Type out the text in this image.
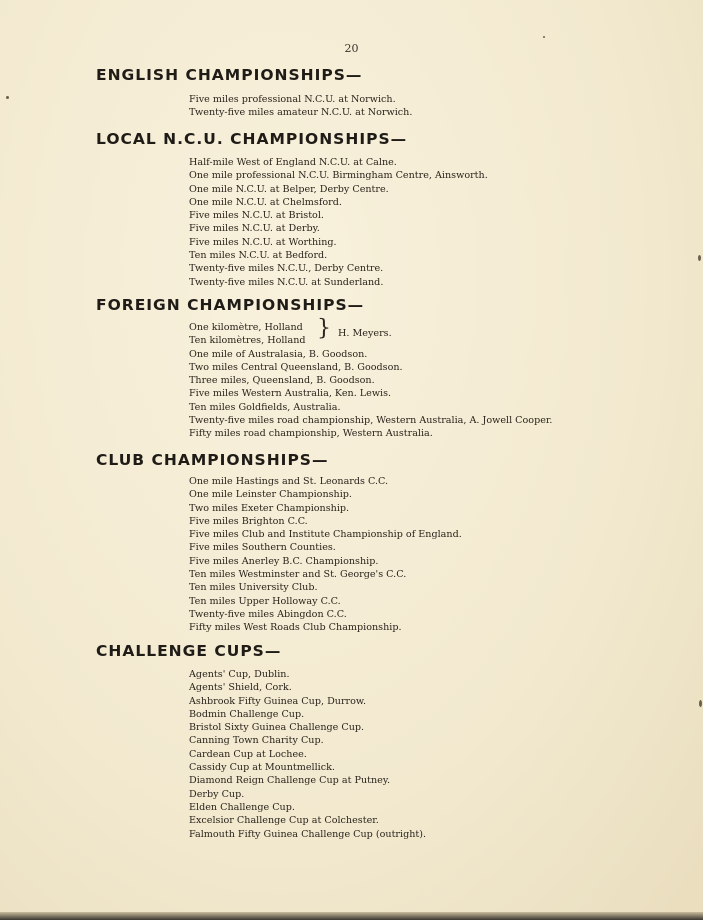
20
ENGLISH CHAMPIONSHIPS—
Five miles professional N.C.U. at Norwich.
Twenty-five miles amateur N.C.U. at Norwich.
LOCAL N.C.U. CHAMPIONSHIPS—
Half-mile West of England N.C.U. at Calne.
One mile professional N.C.U. Birmingham Centre, Ainsworth.
One mile N.C.U. at Belper, Derby Centre.
One mile N.C.U. at Chelmsford.
Five miles N.C.U. at Bristol.
Five miles N.C.U. at Derby.
Five miles N.C.U. at Worthing.
Ten miles N.C.U. at Bedford.
Twenty-five miles N.C.U., Derby Centre.
Twenty-five miles N.C.U. at Sunderland.
FOREIGN CHAMPIONSHIPS—
One kilomètre, Holland
Ten kilomètres, Holland
One mile of Australasia, B. Goodson.
Two miles Central Queensland, B. Goodson.
Three miles, Queensland, B. Goodson.
Five miles Western Australia, Ken. Lewis.
Ten miles Goldfields, Australia.
Twenty-five miles road championship, Western Australia, A. Jowell Cooper.
Fifty miles road championship, Western Australia.
} H. Meyers.
CLUB CHAMPIONSHIPS—
One mile Hastings and St. Leonards C.C.
One mile Leinster Championship.
Two miles Exeter Championship.
Five miles Brighton C.C.
Five miles Club and Institute Championship of England.
Five miles Southern Counties.
Five miles Anerley B.C. Championship.
Ten miles Westminster and St. George's C.C.
Ten miles University Club.
Ten miles Upper Holloway C.C.
Twenty-five miles Abingdon C.C.
Fifty miles West Roads Club Championship.
CHALLENGE CUPS—
Agents' Cup, Dublin.
Agents' Shield, Cork.
Ashbrook Fifty Guinea Cup, Durrow.
Bodmin Challenge Cup.
Bristol Sixty Guinea Challenge Cup.
Canning Town Charity Cup.
Cardean Cup at Lochee.
Cassidy Cup at Mountmellick.
Diamond Reign Challenge Cup at Putney.
Derby Cup.
Elden Challenge Cup.
Excelsior Challenge Cup at Colchester.
Falmouth Fifty Guinea Challenge Cup (outright).
